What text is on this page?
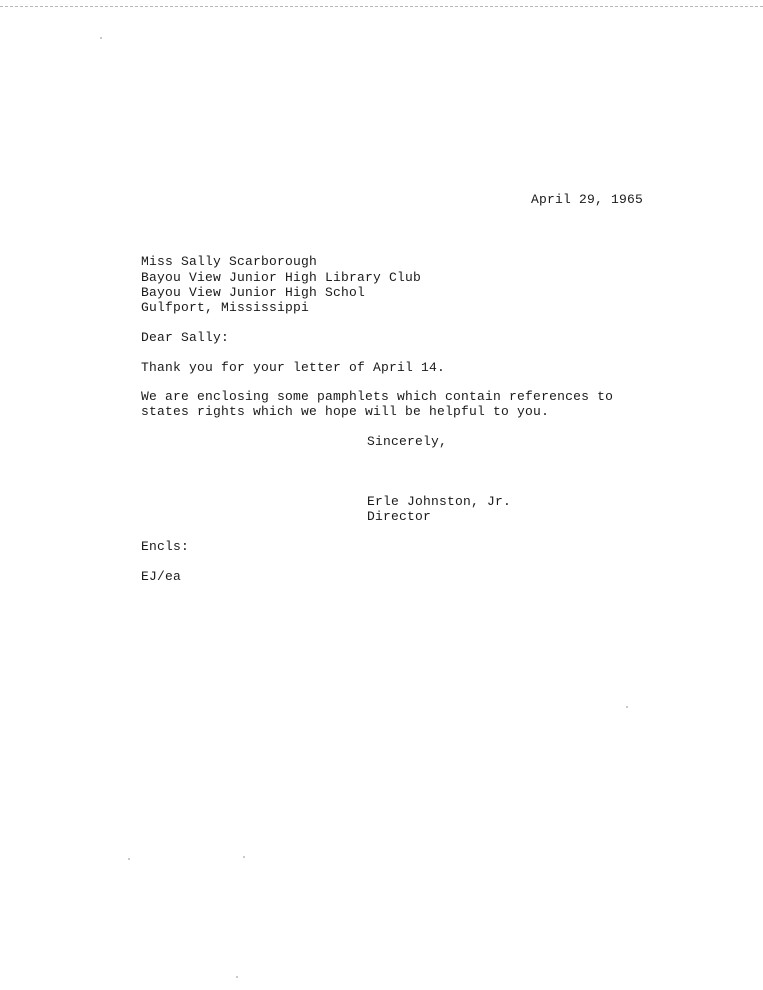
April 29, 1965
Miss Sally Scarborough
Bayou View Junior High Library Club
Bayou View Junior High Schol
Gulfport, Mississippi
Dear Sally:
Thank you for your letter of April 14.
We are enclosing some pamphlets which contain references to
states rights which we hope will be helpful to you.
Sincerely,
Erle Johnston, Jr.
Director
Encls:
EJ/ea
